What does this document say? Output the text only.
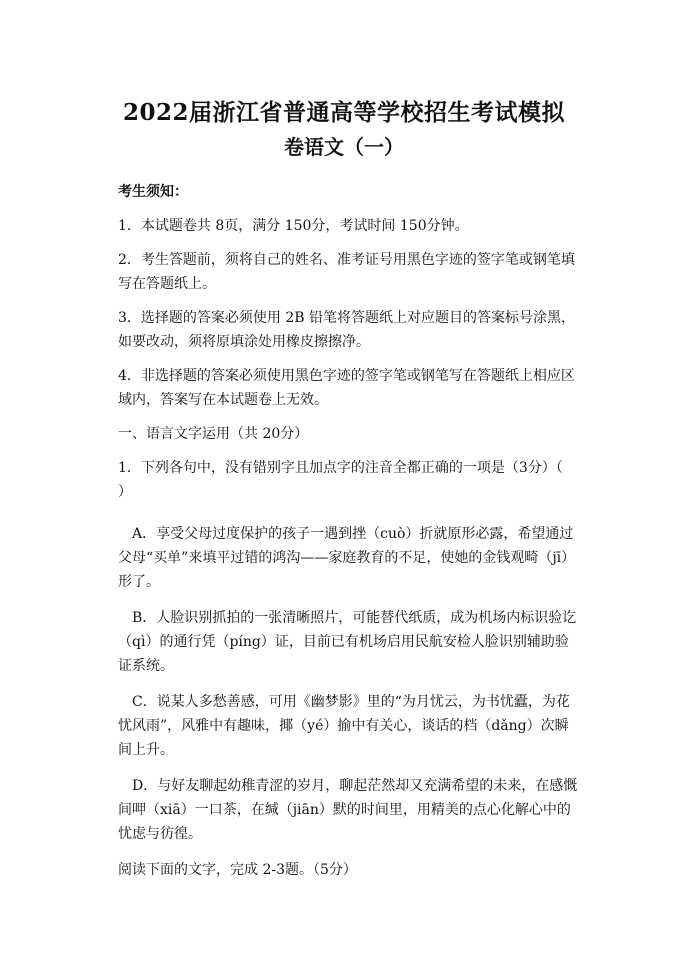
2022届浙江省普通高等学校招生考试模拟
卷语文（一）
考生须知：
1．本试题卷共 8页，满分 150分，考试时间 150分钟。
2．考生答题前，须将自己的姓名、准考证号用黑色字迹的签字笔或钢笔填写在答题纸上。
3．选择题的答案必须使用 2B 铅笔将答题纸上对应题目的答案标号涂黑，如要改动，须将原填涂处用橡皮擦擦净。
4．非选择题的答案必须使用黑色字迹的签字笔或钢笔写在答题纸上相应区域内，答案写在本试题卷上无效。
一、语言文字运用（共 20分）
1．下列各句中，没有错别字且加点字的注音全都正确的一项是（3分）（　　）
A．享受父母过度保护的孩子一遇到挫（cuò）折就原形必露，希望通过父母“买单”来填平过错的鸿沟——家庭教育的不足，使她的金钱观畸（jī）形了。
B．人脸识别抓拍的一张清晰照片，可能替代纸质，成为机场内标识验讫（qì）的通行凭（píng）证，目前已有机场启用民航安检人脸识别辅助验证系统。
C．说某人多愁善感，可用《幽梦影》里的“为月忧云，为书忧蠹，为花忧风雨”，风雅中有趣味，揶（yé）揄中有关心，谈话的档（dǎng）次瞬间上升。
D．与好友聊起幼稚青涩的岁月，聊起茫然却又充满希望的未来，在感慨间呷（xiā）一口茶，在缄（jiān）默的时间里，用精美的点心化解心中的忧虑与彷徨。
阅读下面的文字，完成 2-3题。（5分）
